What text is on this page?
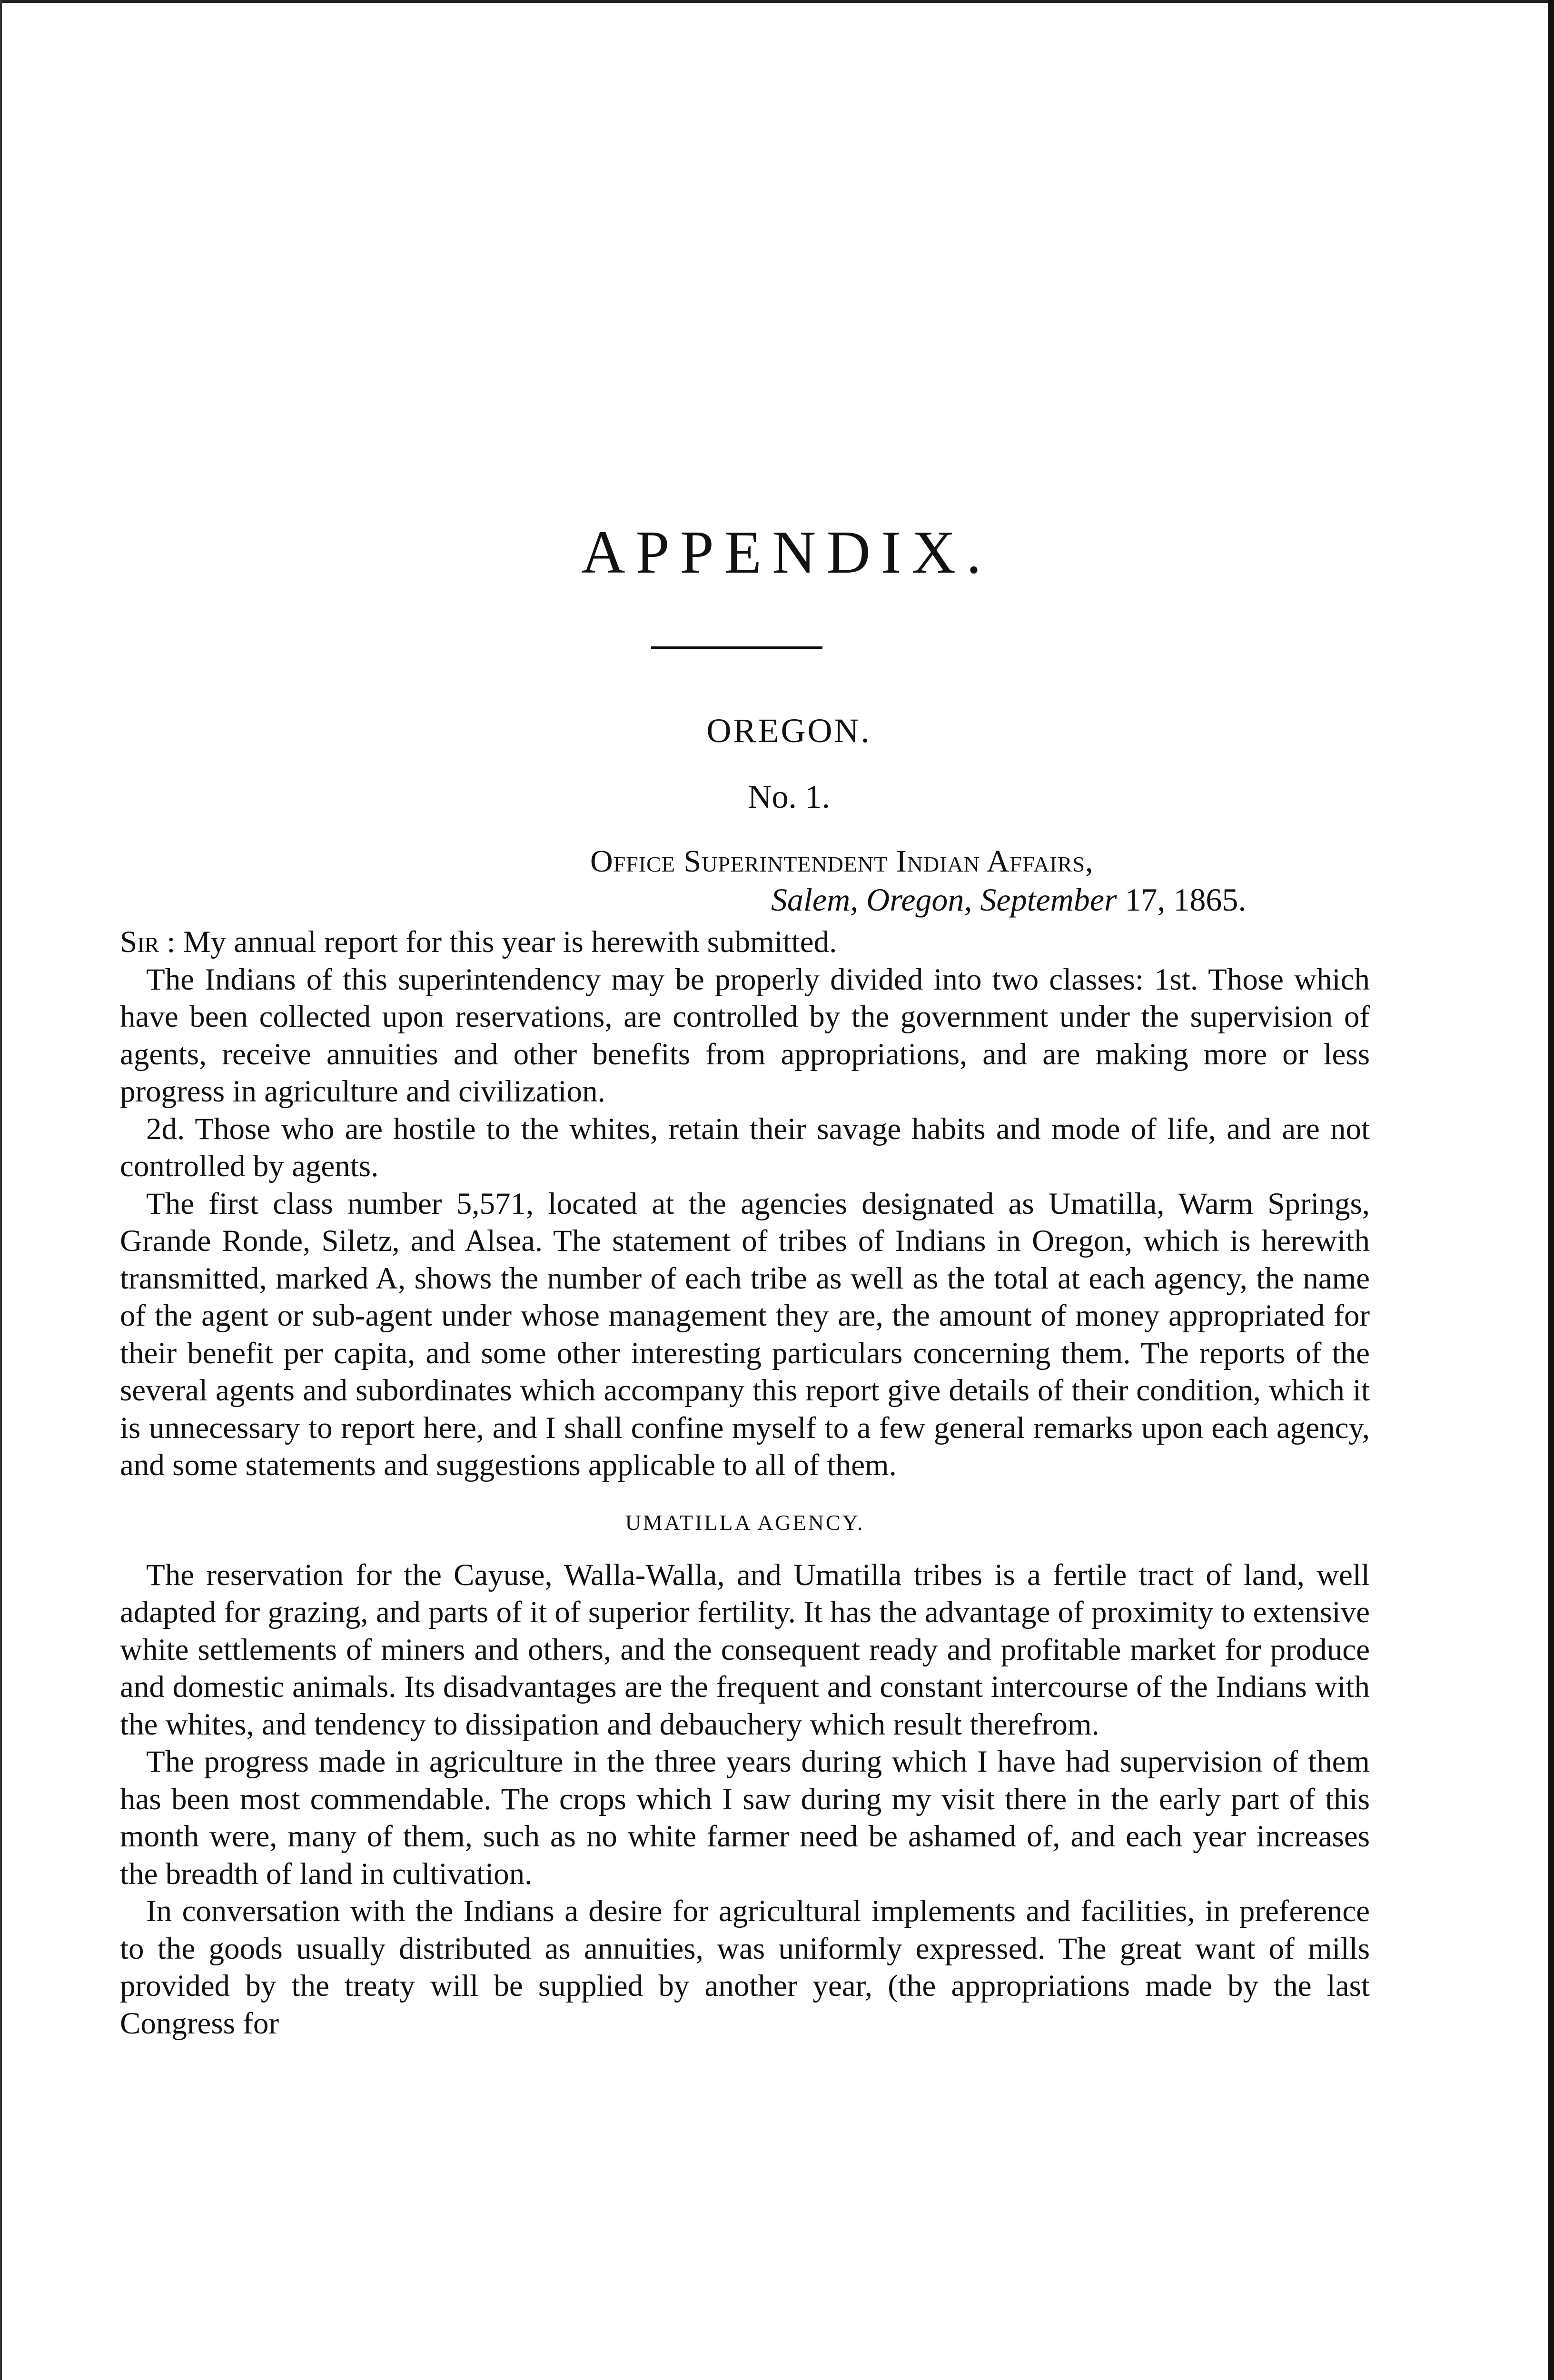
APPENDIX.
OREGON.
No. 1.
Office Superintendent Indian Affairs,
Salem, Oregon, September 17, 1865.

Sir : My annual report for this year is herewith submitted.

The Indians of this superintendency may be properly divided into two classes: 1st. Those which have been collected upon reservations, are controlled by the government under the supervision of agents, receive annuities and other benefits from appropriations, and are making more or less progress in agriculture and civilization.

2d. Those who are hostile to the whites, retain their savage habits and mode of life, and are not controlled by agents.

The first class number 5,571, located at the agencies designated as Umatilla, Warm Springs, Grande Ronde, Siletz, and Alsea. The statement of tribes of Indians in Oregon, which is herewith transmitted, marked A, shows the number of each tribe as well as the total at each agency, the name of the agent or sub-agent under whose management they are, the amount of money appropriated for their benefit per capita, and some other interesting particulars concerning them. The reports of the several agents and subordinates which accompany this report give details of their condition, which it is unnecessary to report here, and I shall confine myself to a few general remarks upon each agency, and some statements and suggestions applicable to all of them.

UMATILLA AGENCY.

The reservation for the Cayuse, Walla-Walla, and Umatilla tribes is a fertile tract of land, well adapted for grazing, and parts of it of superior fertility. It has the advantage of proximity to extensive white settlements of miners and others, and the consequent ready and profitable market for produce and domestic animals. Its disadvantages are the frequent and constant intercourse of the Indians with the whites, and tendency to dissipation and debauchery which result therefrom.

The progress made in agriculture in the three years during which I have had supervision of them has been most commendable. The crops which I saw during my visit there in the early part of this month were, many of them, such as no white farmer need be ashamed of, and each year increases the breadth of land in cultivation.

In conversation with the Indians a desire for agricultural implements and facilities, in preference to the goods usually distributed as annuities, was uniformly expressed. The great want of mills provided by the treaty will be supplied by another year, (the appropriations made by the last Congress for
